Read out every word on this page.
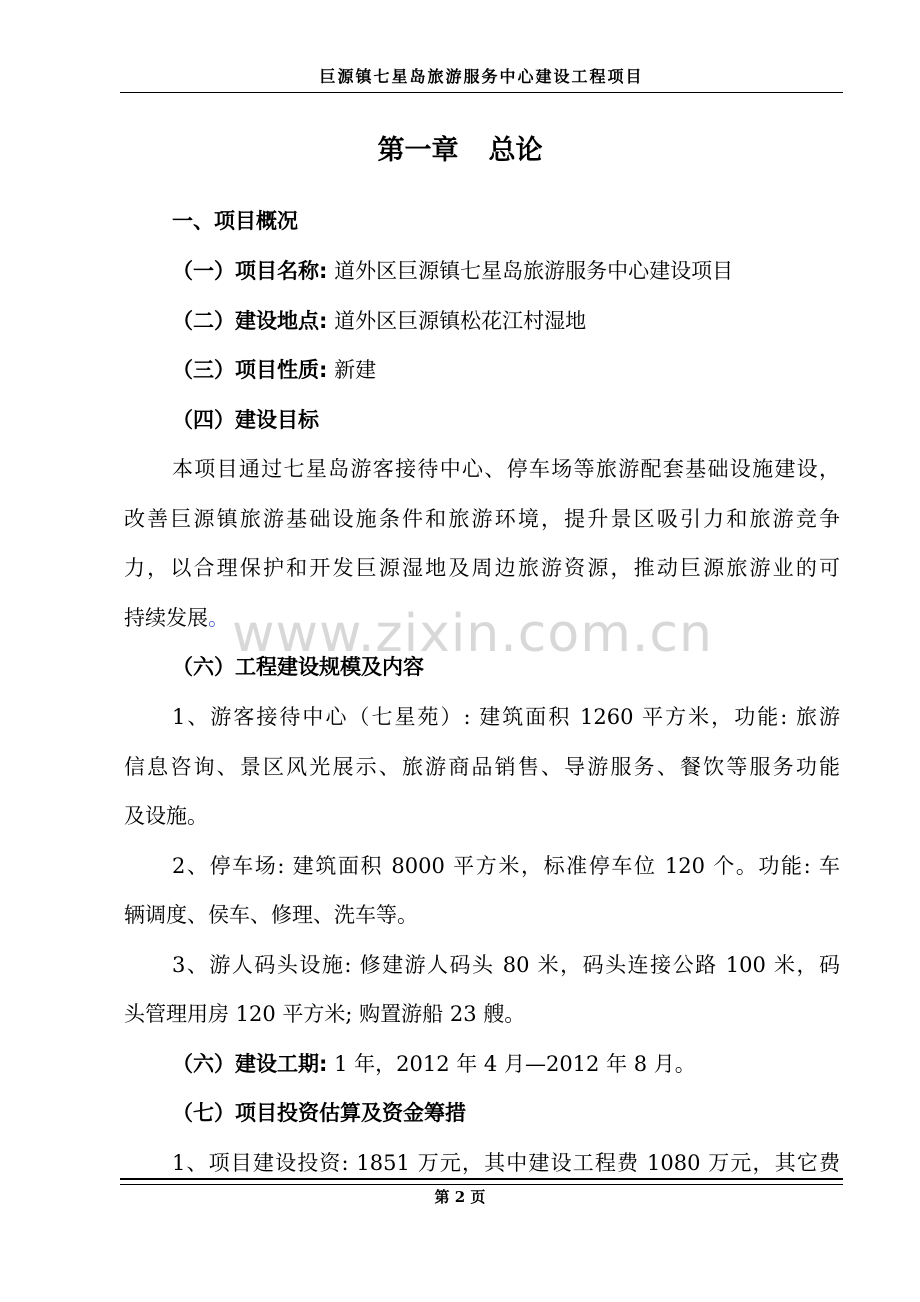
巨源镇七星岛旅游服务中心建设工程项目
第一章 总论
www.zixin.com.cn
一、项目概况
（一）项目名称: 道外区巨源镇七星岛旅游服务中心建设项目
（二）建设地点: 道外区巨源镇松花江村湿地
（三）项目性质: 新建
（四）建设目标
本项目通过七星岛游客接待中心、停车场等旅游配套基础设施建设，
改善巨源镇旅游基础设施条件和旅游环境，提升景区吸引力和旅游竞争
力，以合理保护和开发巨源湿地及周边旅游资源，推动巨源旅游业的可
持续发展。
（六）工程建设规模及内容
1、游客接待中心（七星苑）: 建筑面积 1260 平方米，功能: 旅游
信息咨询、景区风光展示、旅游商品销售、导游服务、餐饮等服务功能
及设施。
2、停车场: 建筑面积 8000 平方米，标准停车位 120 个。功能: 车
辆调度、侯车、修理、洗车等。
3、游人码头设施: 修建游人码头 80 米，码头连接公路 100 米，码
头管理用房 120 平方米; 购置游船 23 艘。
（六）建设工期: 1 年，2012 年 4 月—2012 年 8 月。
（七）项目投资估算及资金筹措
1、项目建设投资: 1851 万元，其中建设工程费 1080 万元，其它费
第 2 页
